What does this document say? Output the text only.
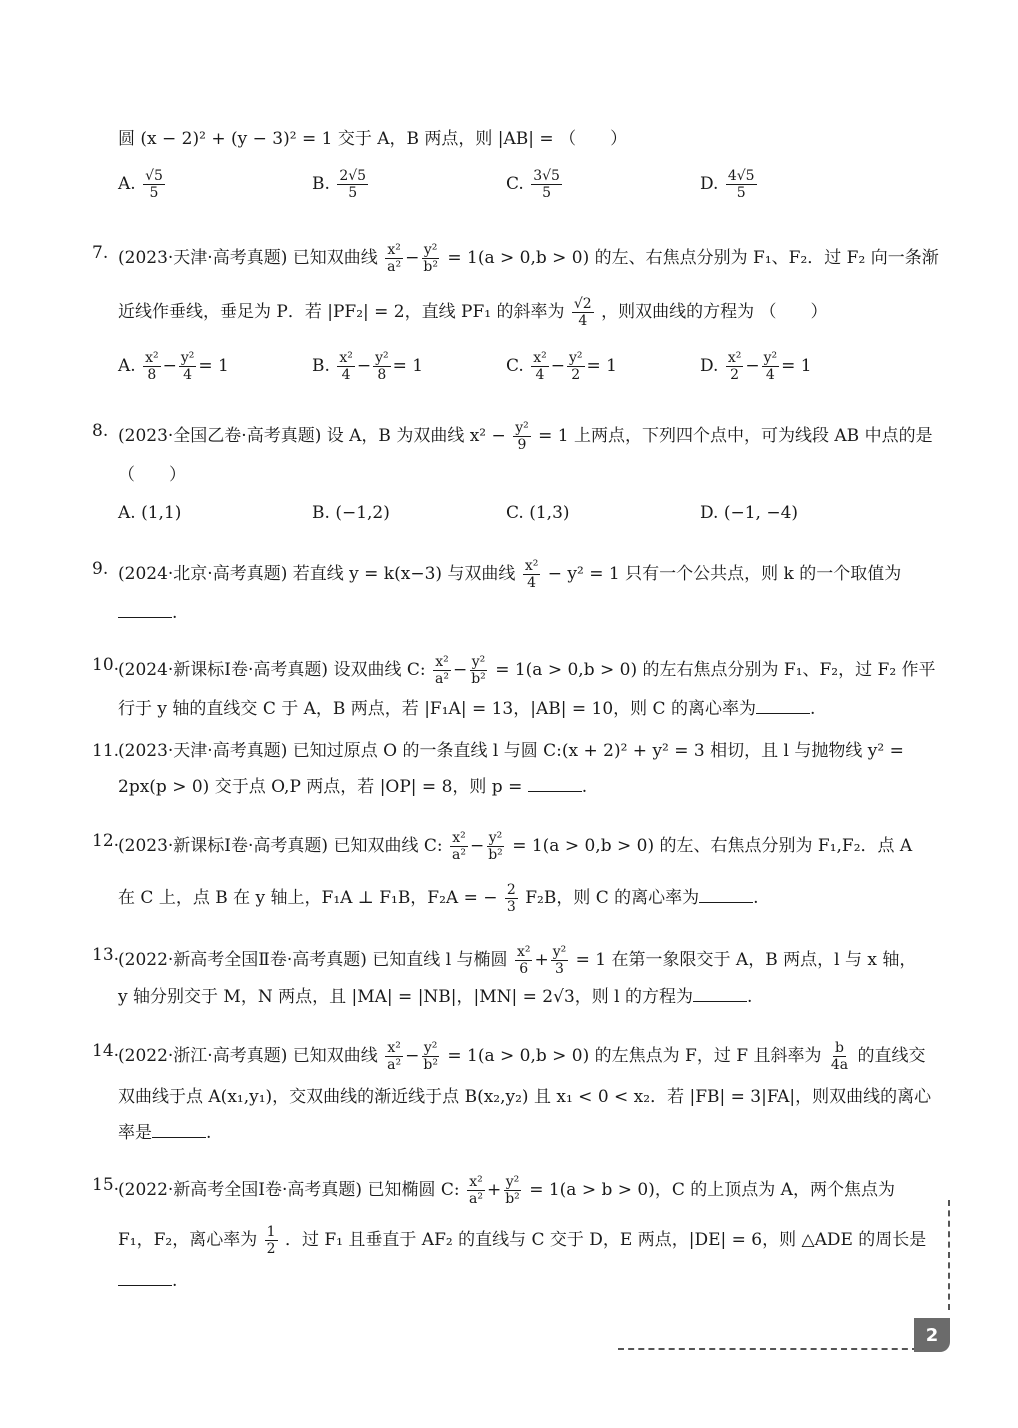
圆 (x − 2)² + (y − 3)² = 1 交于 A，B 两点，则 |AB| = （　　）
A. $\frac{√5}{5}$	B. $\frac{2√5}{5}$	C. $\frac{3√5}{5}$	D. $\frac{4√5}{5}$
7. (2023·天津·高考真题) 已知双曲线 $\frac{\text{x²}}{\text{a²}} - \frac{\text{y²}}{\text{b²}} = 1(a > 0,b > 0)$ 的左、右焦点分别为 F₁、F₂．过 F₂ 向一条渐
近线作垂线，垂足为 P．若 |PF₂| = 2，直线 PF₁ 的斜率为 $\frac{√2}{4}$ ，则双曲线的方程为 （　　）
A. $\frac{\text{x²}}{8} - \frac{\text{y²}}{4} = 1$	B. $\frac{\text{x²}}{4} - \frac{\text{y²}}{8} = 1$	C. $\frac{\text{x²}}{4} - \frac{\text{y²}}{2} = 1$	D. $\frac{\text{x²}}{2} - \frac{\text{y²}}{4} = 1$
8. (2023·全国乙卷·高考真题) 设 A，B 为双曲线 $x^2 - \frac{\text{y²}}{9} = 1$ 上两点，下列四个点中，可为线段 AB 中点的是
（　　）
A. (1,1)	B. (−1,2)	C. (1,3)	D. (−1, −4)
9. (2024·北京·高考真题) 若直线 y = k(x−3) 与双曲线 $\frac{\text{x²}}{4} - y^2 = 1$ 只有一个公共点，则 k 的一个取值为
.
10.
(2024·新课标Ⅰ卷·高考真题) 设双曲线 C: $\frac{\text{x²}}{\text{a²}} - \frac{\text{y²}}{\text{b²}} = 1(a > 0,b > 0)$ 的左右焦点分别为 F₁、F₂，过 F₂ 作平
行于 y 轴的直线交 C 于 A，B 两点，若 |F₁A| = 13，|AB| = 10，则 C 的离心率为	.
11.
(2023·天津·高考真题) 已知过原点 O 的一条直线 l 与圆 C:(x + 2)² + y² = 3 相切，且 l 与抛物线 y² =
2px(p > 0) 交于点 O,P 两点，若 |OP| = 8，则 p =	.
12.
(2023·新课标Ⅰ卷·高考真题) 已知双曲线 C: $\frac{\text{x²}}{\text{a²}} - \frac{\text{y²}}{\text{b²}} = 1(a > 0,b > 0)$ 的左、右焦点分别为 F₁,F₂．点 A
在 C 上，点 B 在 y 轴上，F₁A ⊥ F₁B，F₂A = − $\frac{2}{3} F_2B$，则 C 的离心率为	.
13.
(2022·新高考全国Ⅱ卷·高考真题) 已知直线 l 与椭圆 $\frac{\text{x²}}{6} + \frac{\text{y²}}{3} = 1$ 在第一象限交于 A，B 两点，l 与 x 轴，
y 轴分别交于 M，N 两点，且 |MA| = |NB|，|MN| = 2√3，则 l 的方程为	.
14.
(2022·浙江·高考真题) 已知双曲线 $\frac{\text{x²}}{\text{a²}} - \frac{\text{y²}}{\text{b²}} = 1(a > 0,b > 0)$ 的左焦点为 F，过 F 且斜率为 $\frac{b}{4a}$ 的直线交
双曲线于点 A(x₁,y₁)，交双曲线的渐近线于点 B(x₂,y₂) 且 x₁ < 0 < x₂．若 |FB| = 3|FA|，则双曲线的离心
率是	.
15.
(2022·新高考全国Ⅰ卷·高考真题) 已知椭圆 C: $\frac{\text{x²}}{\text{a²}} + \frac{\text{y²}}{\text{b²}} = 1(a > b > 0)$，C 的上顶点为 A，两个焦点为
F₁，F₂，离心率为 $\frac{1}{2}$ ．过 F₁ 且垂直于 AF₂ 的直线与 C 交于 D，E 两点，|DE| = 6，则 △ADE 的周长是
.
2
